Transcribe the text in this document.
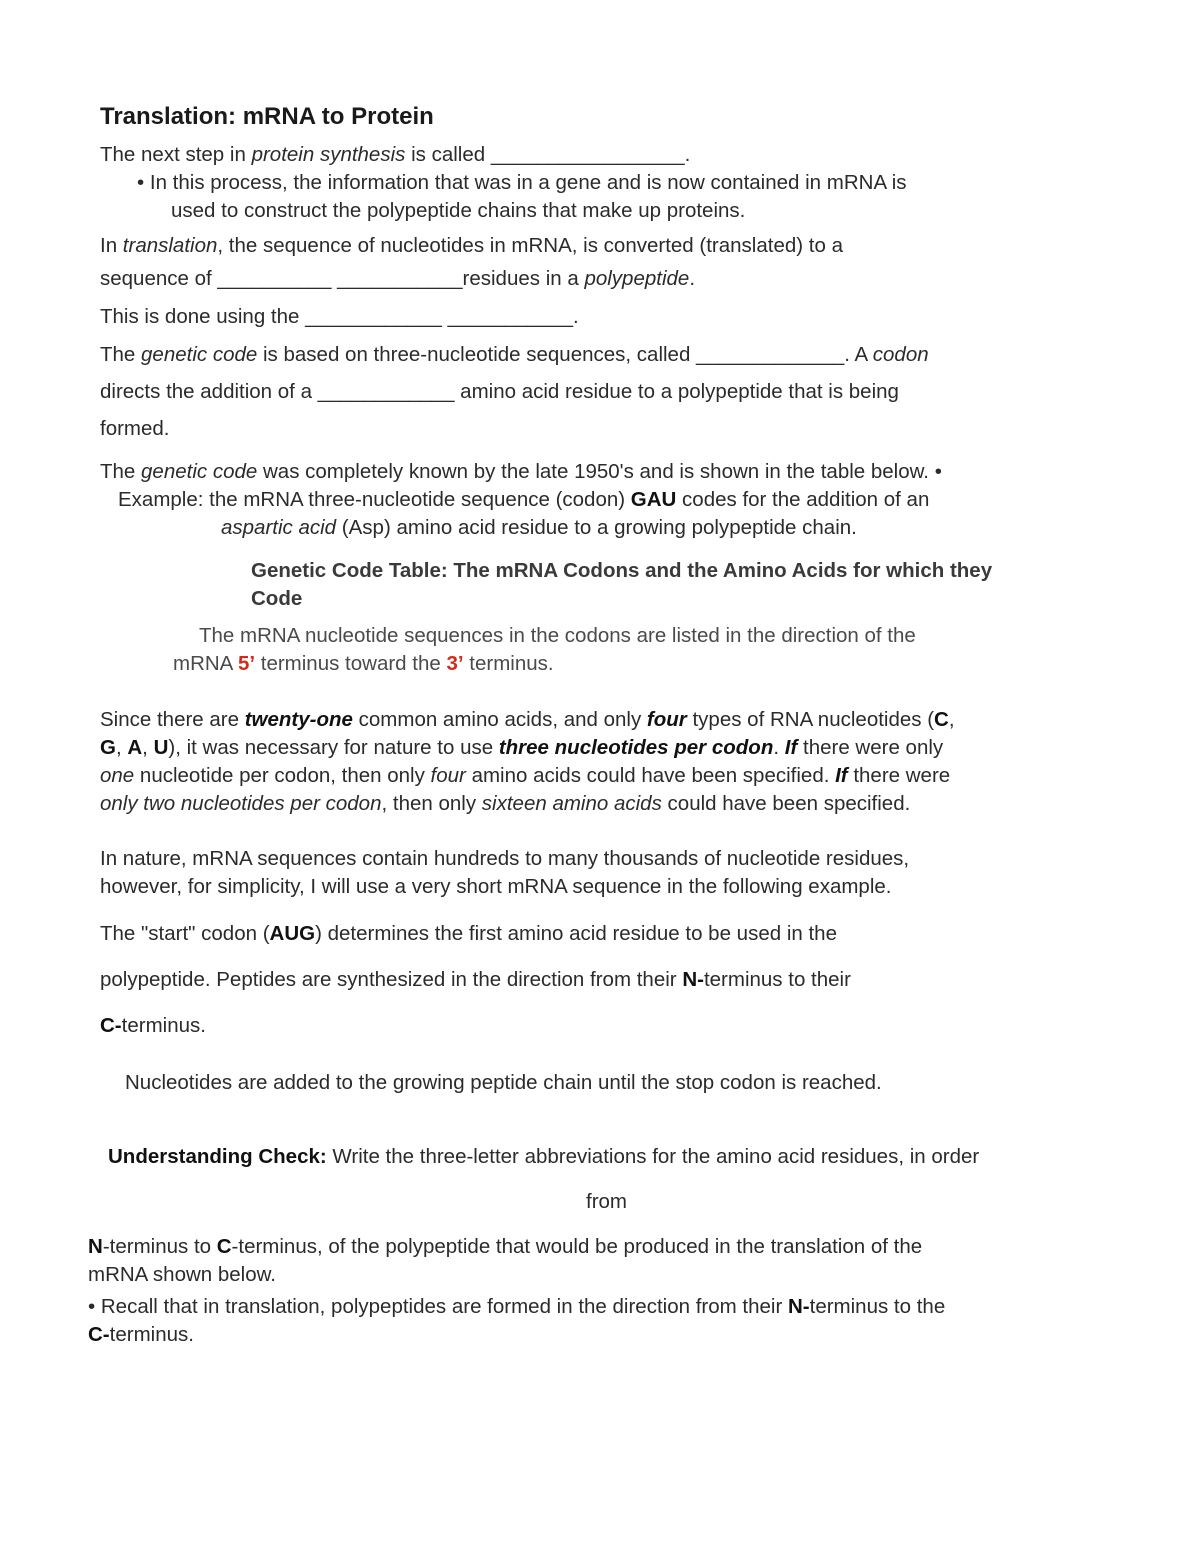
Translation: mRNA to Protein
The next step in protein synthesis is called _________________.
• In this process, the information that was in a gene and is now contained in mRNA is
used to construct the polypeptide chains that make up proteins.
In translation, the sequence of nucleotides in mRNA, is converted (translated) to a
sequence of __________ ___________residues in a polypeptide.
This is done using the ____________ ___________.
The genetic code is based on three-nucleotide sequences, called _____________. A codon
directs the addition of a ____________ amino acid residue to a polypeptide that is being
formed.
The genetic code was completely known by the late 1950's and is shown in the table below. •
Example: the mRNA three-nucleotide sequence (codon) GAU codes for the addition of an
aspartic acid (Asp) amino acid residue to a growing polypeptide chain.
Genetic Code Table: The mRNA Codons and the Amino Acids for which they
Code
The mRNA nucleotide sequences in the codons are listed in the direction of the
mRNA 5’ terminus toward the 3’ terminus.
Since there are twenty-one common amino acids, and only four types of RNA nucleotides (C,
G, A, U), it was necessary for nature to use three nucleotides per codon. If there were only
one nucleotide per codon, then only four amino acids could have been specified. If there were
only two nucleotides per codon, then only sixteen amino acids could have been specified.
In nature, mRNA sequences contain hundreds to many thousands of nucleotide residues,
however, for simplicity, I will use a very short mRNA sequence in the following example.
The "start" codon (AUG) determines the first amino acid residue to be used in the
polypeptide. Peptides are synthesized in the direction from their N-terminus to their
C-terminus.
Nucleotides are added to the growing peptide chain until the stop codon is reached.
Understanding Check: Write the three-letter abbreviations for the amino acid residues, in order
from
N-terminus to C-terminus, of the polypeptide that would be produced in the translation of the
mRNA shown below.
• Recall that in translation, polypeptides are formed in the direction from their N-terminus to the
C-terminus.
